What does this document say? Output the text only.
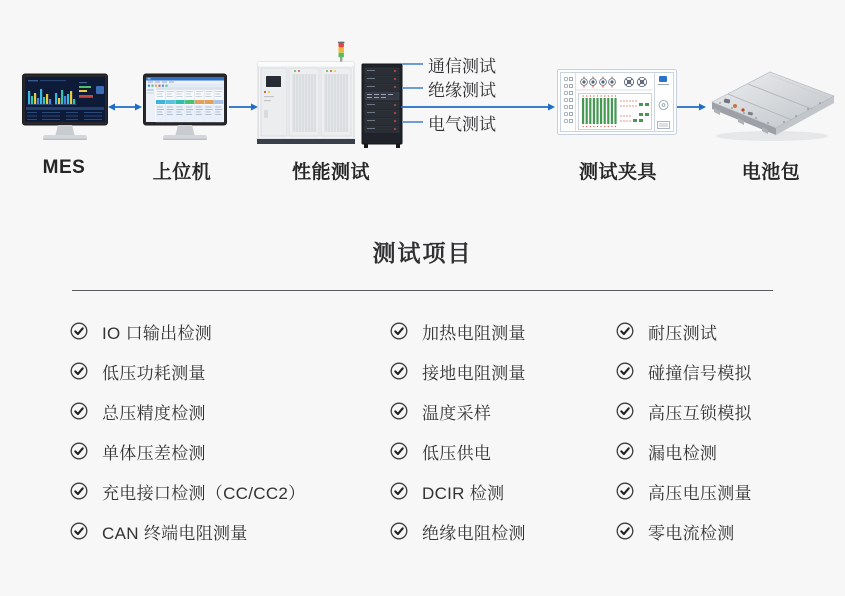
通信测试
绝缘测试
电气测试
MES	上位机	性能测试	测试夹具	电池包
测试项目
IO 口输出检测
低压功耗测量
总压精度检测
单体压差检测
充电接口检测（CC/CC2）
CAN 终端电阻测量
加热电阻测量
接地电阻测量
温度采样
低压供电
DCIR 检测
绝缘电阻检测
耐压测试
碰撞信号模拟
高压互锁模拟
漏电检测
高压电压测量
零电流检测
